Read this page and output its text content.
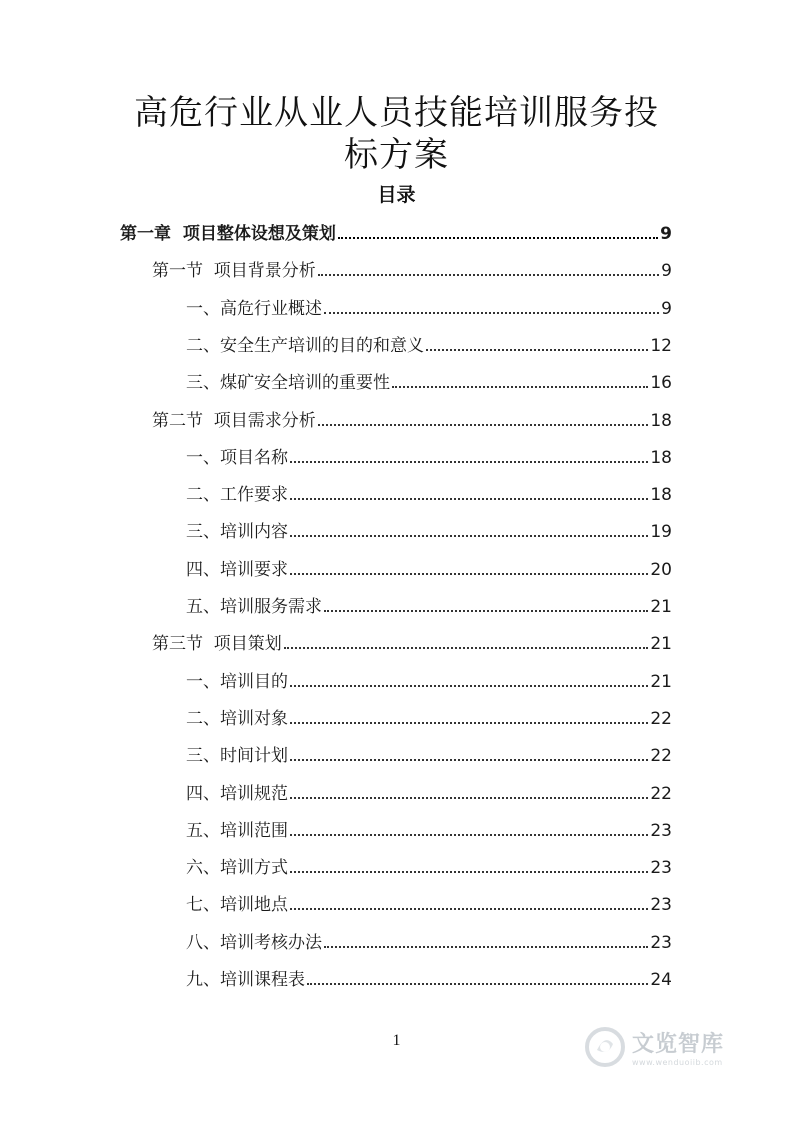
高危行业从业人员技能培训服务投
标方案
目录
第一章  项目整体设想及策划	9
第一节  项目背景分析	9
一、高危行业概述	9
二、安全生产培训的目的和意义	12
三、煤矿安全培训的重要性	16
第二节  项目需求分析	18
一、项目名称	18
二、工作要求	18
三、培训内容	19
四、培训要求	20
五、培训服务需求	21
第三节  项目策划	21
一、培训目的	21
二、培训对象	22
三、时间计划	22
四、培训规范	22
五、培训范围	23
六、培训方式	23
七、培训地点	23
八、培训考核办法	23
九、培训课程表	24
1	文览智库
www.wenduoiib.com
